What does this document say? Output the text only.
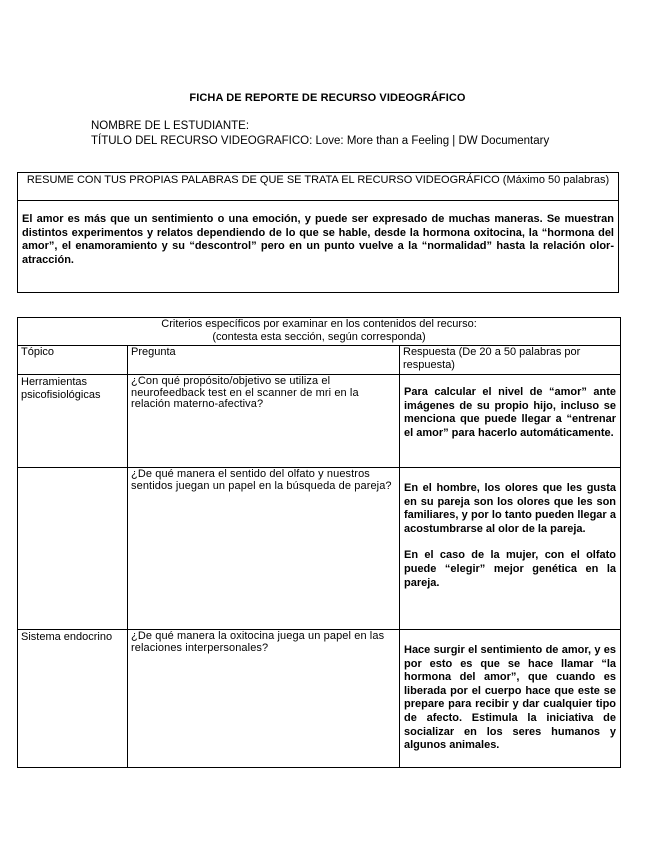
FICHA DE REPORTE DE RECURSO VIDEOGRÁFICO
NOMBRE DE L ESTUDIANTE:
TÍTULO DEL RECURSO VIDEOGRAFICO: Love: More than a Feeling | DW Documentary
RESUME CON TUS PROPIAS PALABRAS DE QUE SE TRATA EL RECURSO VIDEOGRÁFICO (Máximo 50 palabras)
El amor es más que un sentimiento o una emoción, y puede ser expresado de muchas maneras. Se muestran distintos experimentos y relatos dependiendo de lo que se hable, desde la hormona oxitocina, la “hormona del amor”, el enamoramiento y su “descontrol” pero en un punto vuelve a la “normalidad” hasta la relación olor-atracción.
Criterios específicos por examinar en los contenidos del recurso:
(contesta esta sección, según corresponda)		

Tópico	Pregunta	Respuesta (De 20 a 50 palabras por respuesta)
Herramientas psicofisiológicas	¿Con qué propósito/objetivo se utiliza el neurofeedback test en el scanner de mri en la relación materno-afectiva?	Para calcular el nivel de “amor” ante imágenes de su propio hijo, incluso se menciona que puede llegar a “entrenar el amor” para hacerlo automáticamente.

	¿De qué manera el sentido del olfato y nuestros sentidos juegan un papel en la búsqueda de pareja?	En el hombre, los olores que les gusta en su pareja son los olores que les son familiares, y por lo tanto pueden llegar a acostumbrarse al olor de la pareja.

En el caso de la mujer, con el olfato puede “elegir” mejor genética en la pareja.

Sistema endocrino	¿De qué manera la oxitocina juega un papel en las relaciones interpersonales?	Hace surgir el sentimiento de amor, y es por esto es que se hace llamar “la hormona del amor”, que cuando es liberada por el cuerpo hace que este se prepare para recibir y dar cualquier tipo de afecto. Estimula la iniciativa de socializar en los seres humanos y algunos animales.
